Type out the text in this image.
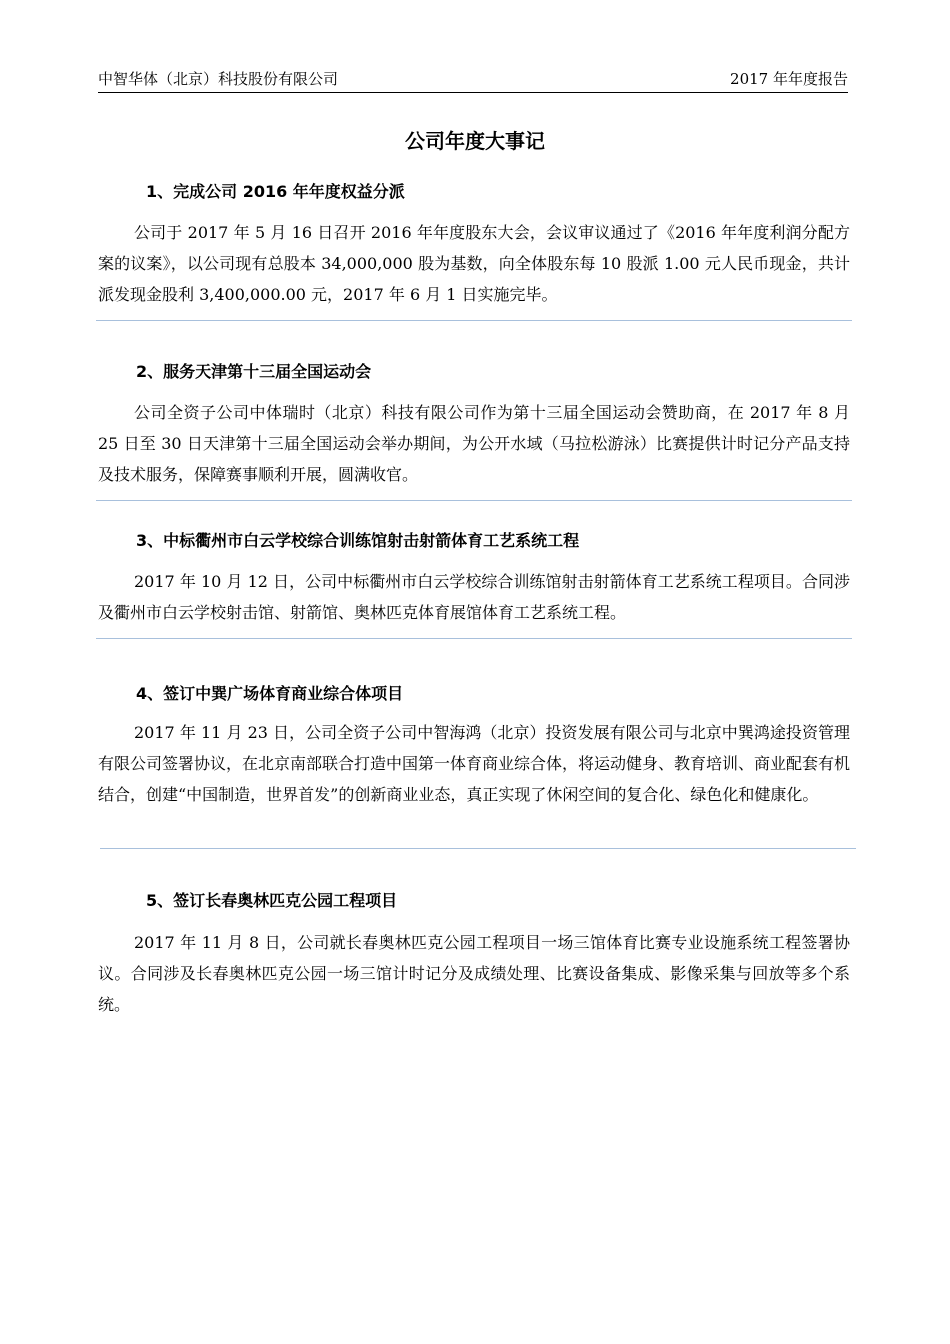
中智华体（北京）科技股份有限公司	2017 年年度报告
公司年度大事记
1、完成公司 2016 年年度权益分派
公司于 2017 年 5 月 16 日召开 2016 年年度股东大会，会议审议通过了《2016 年年度利润分配方案的议案》，以公司现有总股本 34,000,000 股为基数，向全体股东每 10 股派 1.00 元人民币现金，共计派发现金股利 3,400,000.00 元，2017 年 6 月 1 日实施完毕。
2、服务天津第十三届全国运动会
公司全资子公司中体瑞时（北京）科技有限公司作为第十三届全国运动会赞助商，在 2017 年 8 月 25 日至 30 日天津第十三届全国运动会举办期间，为公开水域（马拉松游泳）比赛提供计时记分产品支持及技术服务，保障赛事顺利开展，圆满收官。
3、中标衢州市白云学校综合训练馆射击射箭体育工艺系统工程
2017 年 10 月 12 日，公司中标衢州市白云学校综合训练馆射击射箭体育工艺系统工程项目。合同涉及衢州市白云学校射击馆、射箭馆、奥林匹克体育展馆体育工艺系统工程。
4、签订中巽广场体育商业综合体项目
2017 年 11 月 23 日，公司全资子公司中智海鸿（北京）投资发展有限公司与北京中巽鸿途投资管理有限公司签署协议，在北京南部联合打造中国第一体育商业综合体，将运动健身、教育培训、商业配套有机结合，创建“中国制造，世界首发”的创新商业业态，真正实现了休闲空间的复合化、绿色化和健康化。
5、签订长春奥林匹克公园工程项目
2017 年 11 月 8 日，公司就长春奥林匹克公园工程项目一场三馆体育比赛专业设施系统工程签署协议。合同涉及长春奥林匹克公园一场三馆计时记分及成绩处理、比赛设备集成、影像采集与回放等多个系统。
